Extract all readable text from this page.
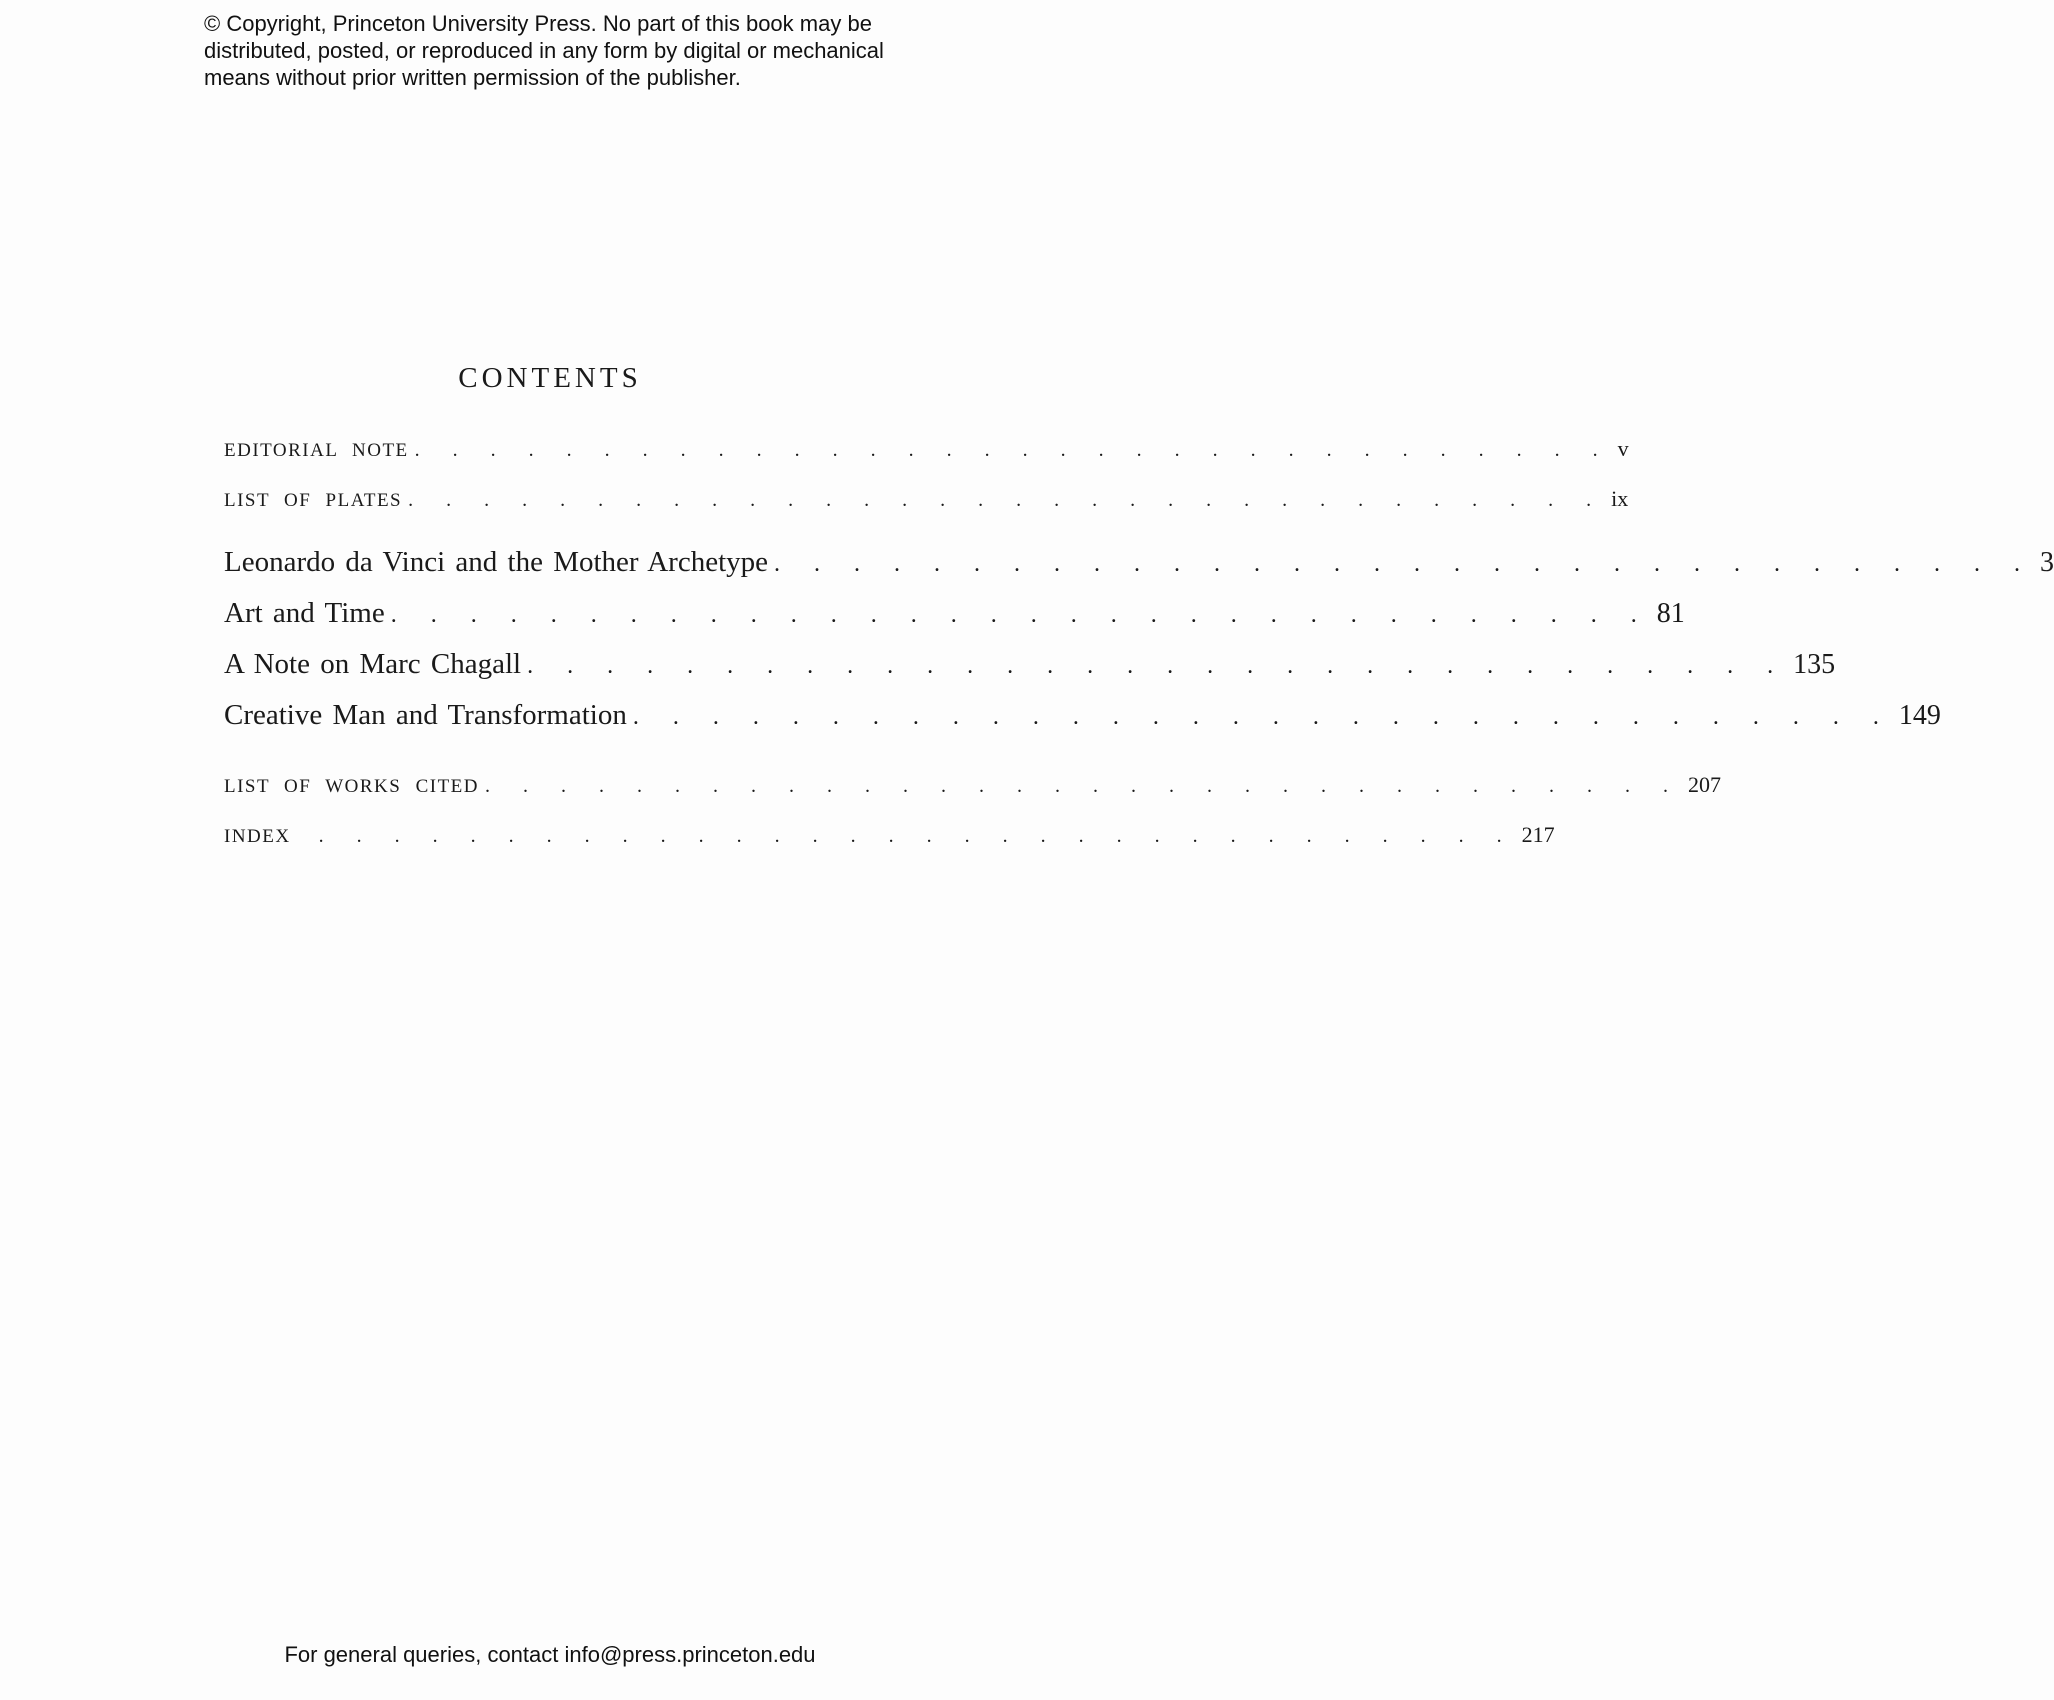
© Copyright, Princeton University Press. No part of this book may be
distributed, posted, or reproduced in any form by digital or mechanical
means without prior written permission of the publisher.
CONTENTS
EDITORIAL NOTE . . . . . . . . . . . . . . . . . . . . . . . . . . . . . . . . v
LIST OF PLATES . . . . . . . . . . . . . . . . . . . . . . . . . . . . . . . . ix
Leonardo da Vinci and the Mother Archetype . . . . . . . . . . . . . . . . . . . . . . . . . . . . . . . . 3
Art and Time . . . . . . . . . . . . . . . . . . . . . . . . . . . . . . . . 81
A Note on Marc Chagall . . . . . . . . . . . . . . . . . . . . . . . . . . . . . . . . 135
Creative Man and Transformation . . . . . . . . . . . . . . . . . . . . . . . . . . . . . . . . 149
LIST OF WORKS CITED . . . . . . . . . . . . . . . . . . . . . . . . . . . . . . . . 207
INDEX . . . . . . . . . . . . . . . . . . . . . . . . . . . . . . . . 217
For general queries, contact info@press.princeton.edu
